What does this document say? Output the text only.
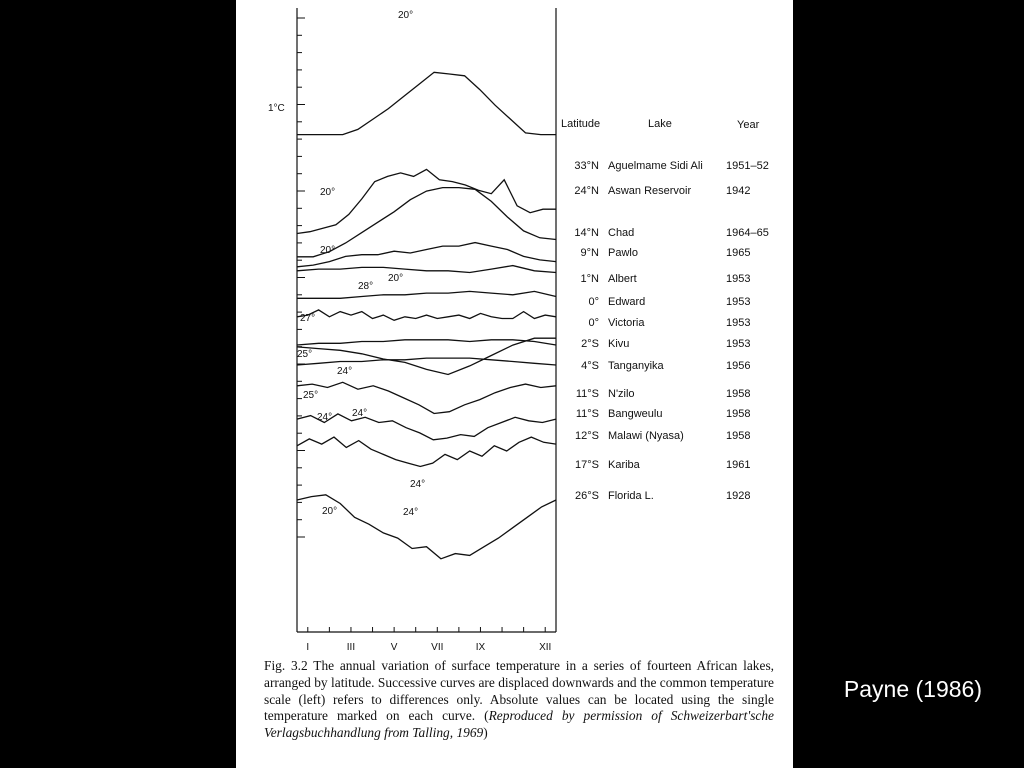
1°C
I	III	V	VII	IX	XII
20°
20°
20°
20°
28°
27°
25°
24°
25°
24°
24°
24°
24°
20°
Latitude	Lake	Year
33°N Aguelmame Sidi Ali 1951–52
24°N Aswan Reservoir	1942
14°N Chad	1964–65
9°N Pawlo	1965
1°N Albert	1953
0° Edward	1953
0° Victoria	1953
2°S Kivu	1953
4°S Tanganyika	1956
11°S N'zilo	1958
11°S Bangweulu	1958
12°S Malawi (Nyasa)	1958
17°S Kariba	1961
26°S Florida L.	1928
Fig. 3.2 The annual variation of surface temperature in a series of fourteen African lakes, arranged by latitude. Successive curves are displaced downwards and the common temperature scale (left) refers to differences only. Absolute values can be located using the single temperature marked on each curve. (Reproduced by permission of Schweizerbart'sche Verlagsbuchhandlung from Talling, 1969)
Payne (1986)
